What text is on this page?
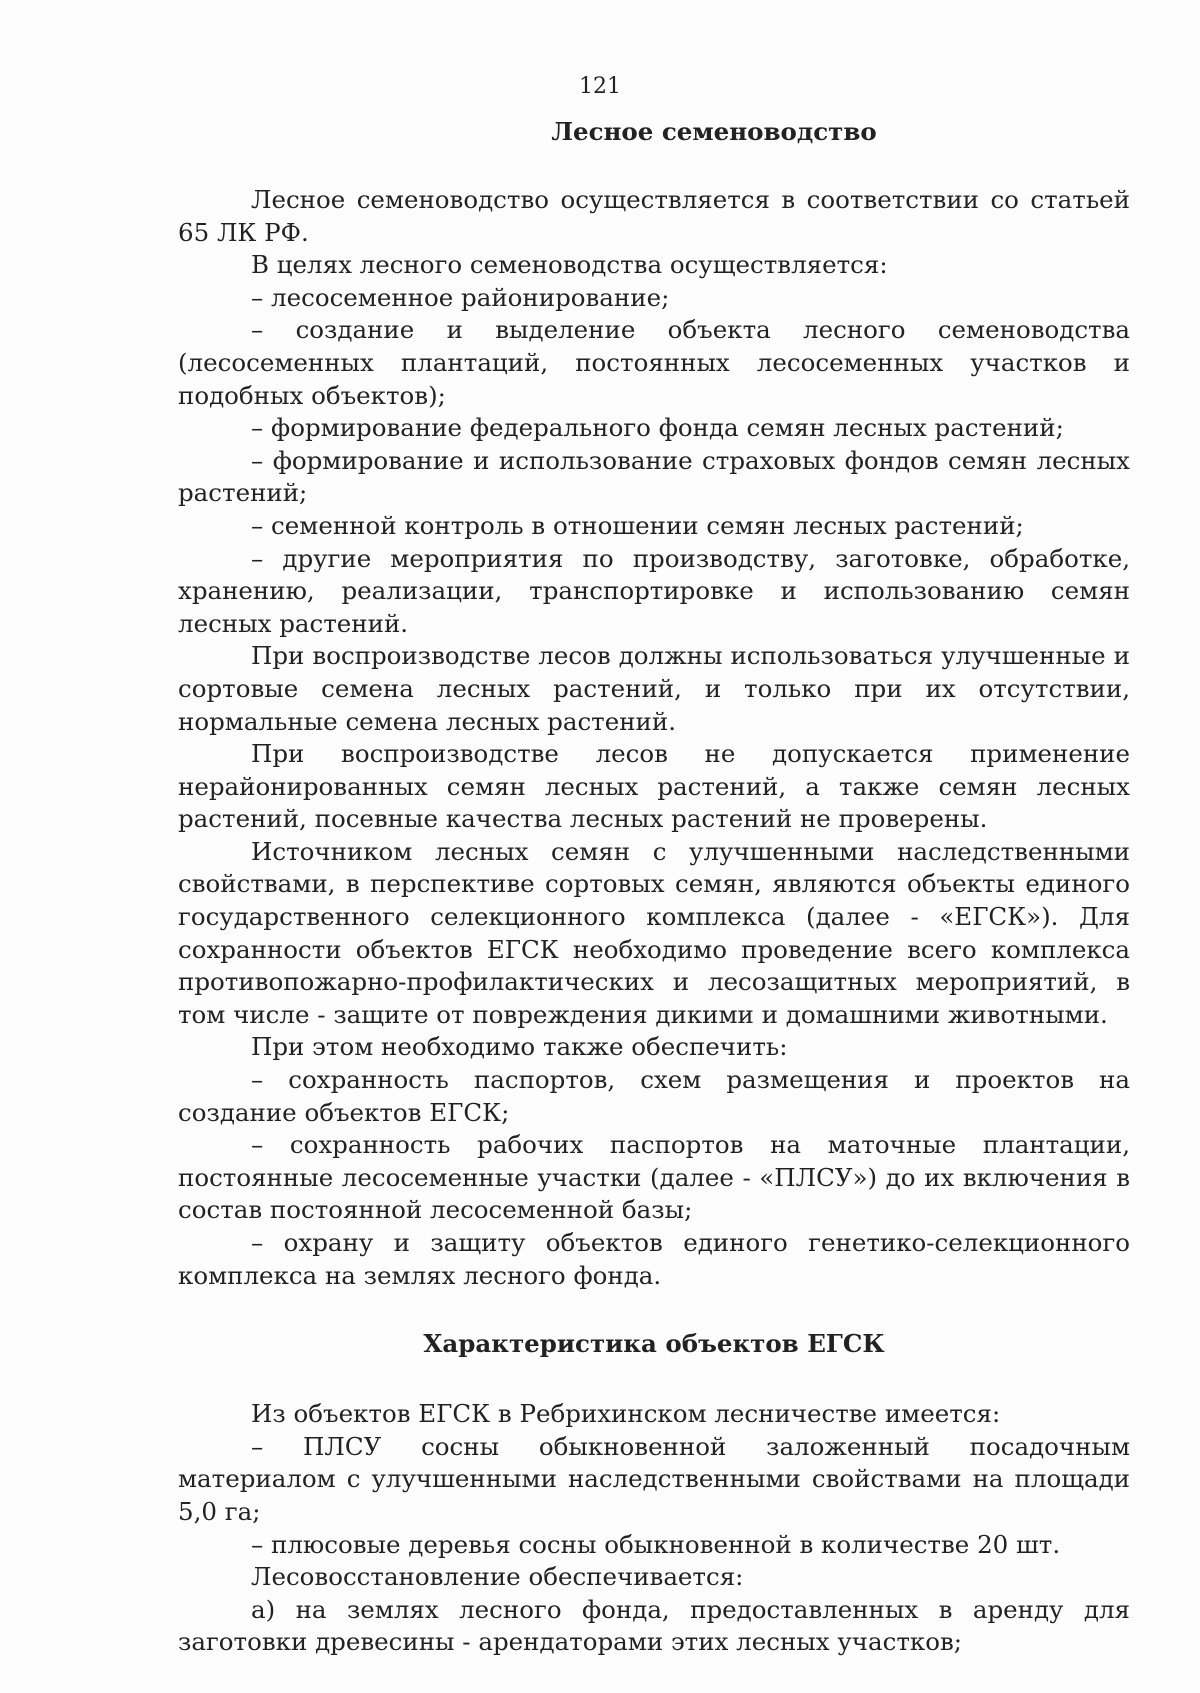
121
Лесное семеноводство

Лесное семеноводство осуществляется в соответствии со статьей 65 ЛК РФ.

В целях лесного семеноводства осуществляется:

– лесосеменное районирование;

– создание и выделение объекта лесного семеноводства (лесосеменных плантаций, постоянных лесосеменных участков и подобных объектов);

– формирование федерального фонда семян лесных растений;

– формирование и использование страховых фондов семян лесных растений;

– семенной контроль в отношении семян лесных растений;

– другие мероприятия по производству, заготовке, обработке, хранению, реализации, транспортировке и использованию семян лесных растений.

При воспроизводстве лесов должны использоваться улучшенные и сортовые семена лесных растений, и только при их отсутствии, нормальные семена лесных растений.

При воспроизводстве лесов не допускается применение нерайонированных семян лесных растений, а также семян лесных растений, посевные качества лесных растений не проверены.

Источником лесных семян с улучшенными наследственными свойствами, в перспективе сортовых семян, являются объекты единого государственного селекционного комплекса (далее - «ЕГСК»). Для сохранности объектов ЕГСК необходимо проведение всего комплекса противопожарно-профилактических и лесозащитных мероприятий, в том числе - защите от повреждения дикими и домашними животными.

При этом необходимо также обеспечить:

– сохранность паспортов, схем размещения и проектов на создание объектов ЕГСК;

– сохранность рабочих паспортов на маточные плантации, постоянные лесосеменные участки (далее - «ПЛСУ») до их включения в состав постоянной лесосеменной базы;

– охрану и защиту объектов единого генетико-селекционного комплекса на землях лесного фонда.

Характеристика объектов ЕГСК

Из объектов ЕГСК в Ребрихинском лесничестве имеется:

– ПЛСУ сосны обыкновенной заложенный посадочным материалом с улучшенными наследственными свойствами на площади 5,0 га;

– плюсовые деревья сосны обыкновенной в количестве 20 шт.

Лесовосстановление обеспечивается:

а) на землях лесного фонда, предоставленных в аренду для заготовки древесины - арендаторами этих лесных участков;
